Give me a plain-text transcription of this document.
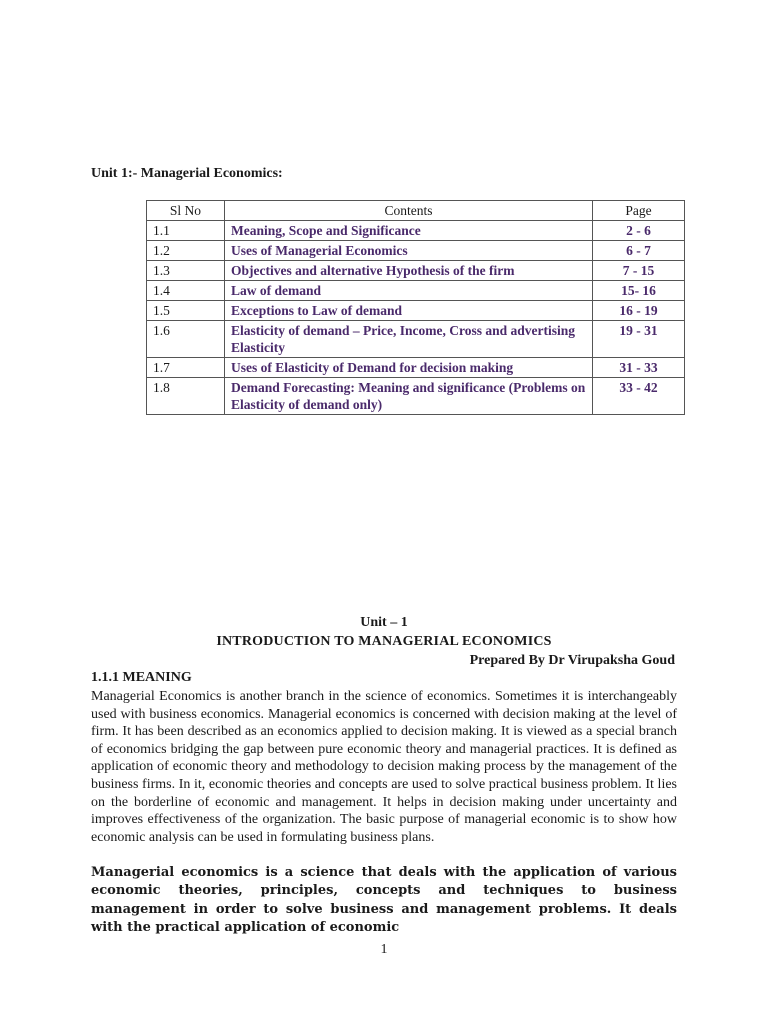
Unit 1:- Managerial Economics:
Sl No	Contents	Page
1.1	Meaning, Scope and Significance	2 - 6
1.2	Uses of Managerial Economics	6 - 7
1.3	Objectives and alternative Hypothesis of the firm	7 - 15
1.4	Law of demand	15- 16
1.5	Exceptions to Law of demand	16 - 19
1.6	Elasticity of demand – Price, Income, Cross and advertising Elasticity	19 - 31
1.7	Uses of Elasticity of Demand for decision making	31 - 33
1.8	Demand Forecasting: Meaning and significance (Problems on Elasticity of demand only)	33 - 42
Unit – 1
INTRODUCTION TO MANAGERIAL ECONOMICS
Prepared By Dr Virupaksha Goud
1.1.1 MEANING
Managerial Economics is another branch in the science of economics. Sometimes it is interchangeably used with business economics. Managerial economics is concerned with decision making at the level of firm. It has been described as an economics applied to decision making. It is viewed as a special branch of economics bridging the gap between pure economic theory and managerial practices. It is defined as application of economic theory and methodology to decision making process by the management of the business firms. In it, economic theories and concepts are used to solve practical business problem. It lies on the borderline of economic and management. It helps in decision making under uncertainty and improves effectiveness of the organization. The basic purpose of managerial economic is to show how economic analysis can be used in formulating business plans.
Managerial economics is a science that deals with the application of various economic theories, principles, concepts and techniques to business management in order to solve business and management problems. It deals with the practical application of economic
1
